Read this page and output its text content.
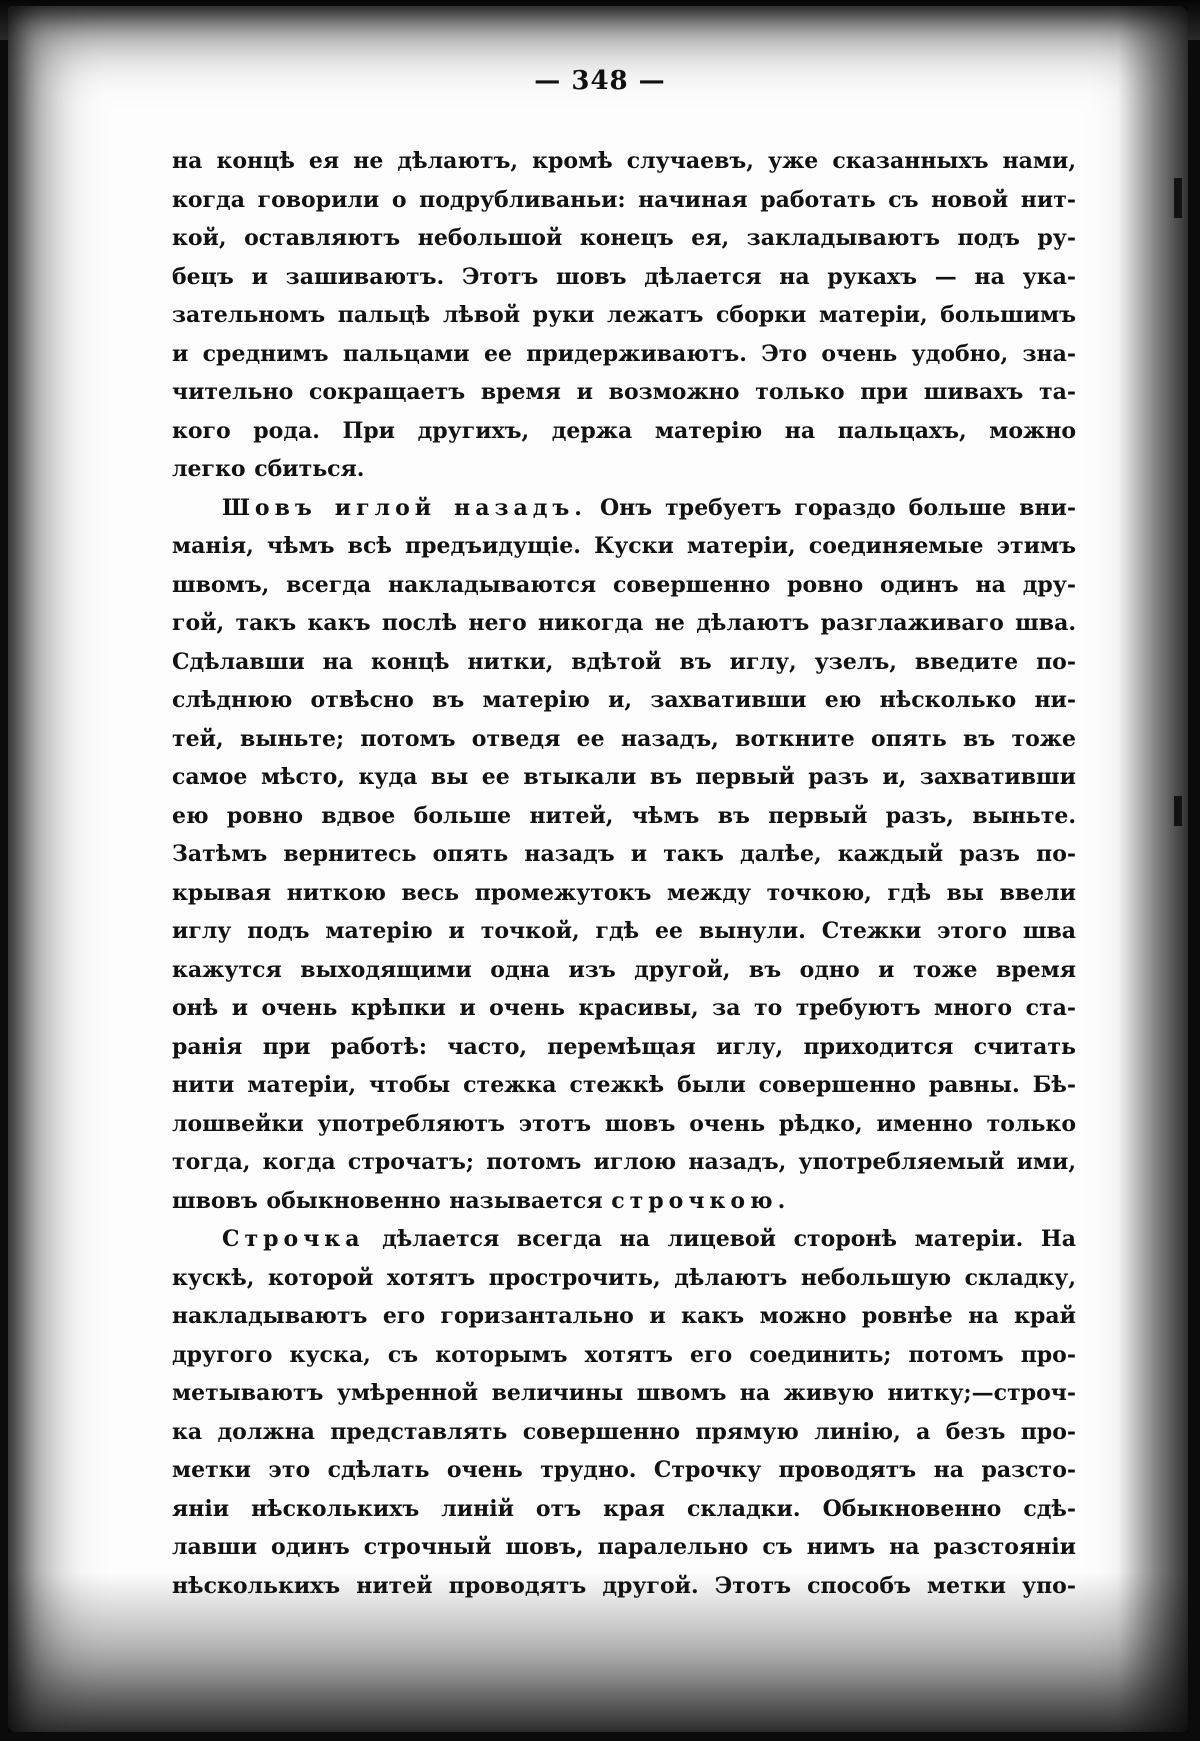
— 348 —
на концѣ ея не дѣлаютъ, кромѣ случаевъ, уже сказанныхъ нами,
когда говорили о подрубливаньи: начиная работать съ новой нит-
кой, оставляютъ небольшой конецъ ея, закладываютъ подъ ру-
бецъ и зашиваютъ. Этотъ шовъ дѣлается на рукахъ — на ука-
зательномъ пальцѣ лѣвой руки лежатъ сборки матеріи, большимъ
и среднимъ пальцами ее придерживаютъ. Это очень удобно, зна-
чительно сокращаетъ время и возможно только при шивахъ та-
кого рода. При другихъ, держа матерію на пальцахъ, можно
легко сбиться.
Шовъ иглой назадъ. Онъ требуетъ гораздо больше вни-
манія, чѣмъ всѣ предъидущіе. Куски матеріи, соединяемые этимъ
швомъ, всегда накладываются совершенно ровно одинъ на дру-
гой, такъ какъ послѣ него никогда не дѣлаютъ разглаживаго шва.
Сдѣлавши на концѣ нитки, вдѣтой въ иглу, узелъ, введите по-
слѣднюю отвѣсно въ матерію и, захвативши ею нѣсколько ни-
тей, выньте; потомъ отведя ее назадъ, воткните опять въ тоже
самое мѣсто, куда вы ее втыкали въ первый разъ и, захвативши
ею ровно вдвое больше нитей, чѣмъ въ первый разъ, выньте.
Затѣмъ вернитесь опять назадъ и такъ далѣе, каждый разъ по-
крывая ниткою весь промежутокъ между точкою, гдѣ вы ввели
иглу подъ матерію и точкой, гдѣ ее вынули. Стежки этого шва
кажутся выходящими одна изъ другой, въ одно и тоже время
онѣ и очень крѣпки и очень красивы, за то требуютъ много ста-
ранія при работѣ: часто, перемѣщая иглу, приходится считать
нити матеріи, чтобы стежка стежкѣ были совершенно равны. Бѣ-
лошвейки употребляютъ этотъ шовъ очень рѣдко, именно только
тогда, когда строчатъ; потомъ иглою назадъ, употребляемый ими,
швовъ обыкновенно называется строчкою.
Строчка дѣлается всегда на лицевой сторонѣ матеріи. На
кускѣ, которой хотятъ простpочить, дѣлаютъ небольшую складку,
накладываютъ его горизантально и какъ можно ровнѣе на край
другого куска, съ которымъ хотятъ его соединить; потомъ про-
метываютъ умѣренной величины швомъ на живую нитку;—строч-
ка должна представлять совершенно прямую линію, а безъ про-
метки это сдѣлать очень трудно. Строчку проводятъ на разсто-
яніи нѣсколькихъ линій отъ края складки. Обыкновенно сдѣ-
лавши одинъ строчный шовъ, паралельно съ нимъ на разстояніи
нѣсколькихъ нитей проводятъ другой. Этотъ способъ метки упо-
